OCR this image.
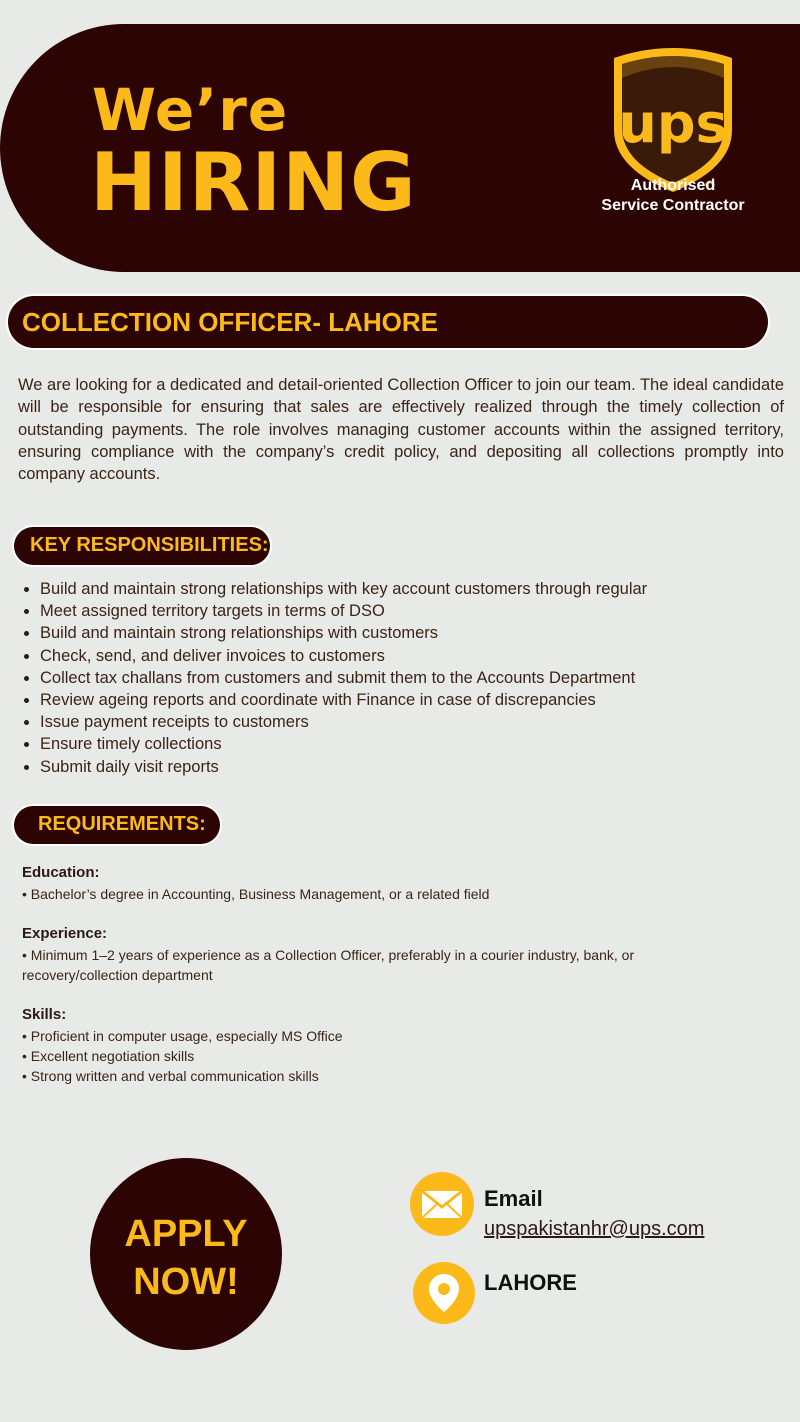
We’re
HIRING
ups
Authorised
Service Contractor
COLLECTION OFFICER- LAHORE
We are looking for a dedicated and detail-oriented Collection Officer to join our team. The ideal candidate will be responsible for ensuring that sales are effectively realized through the timely collection of outstanding payments. The role involves managing customer accounts within the assigned territory, ensuring compliance with the company’s credit policy, and depositing all collections promptly into company accounts.
KEY RESPONSIBILITIES:
Build and maintain strong relationships with key account customers through regular
Meet assigned territory targets in terms of DSO
Build and maintain strong relationships with customers
Check, send, and deliver invoices to customers
Collect tax challans from customers and submit them to the Accounts Department
Review ageing reports and coordinate with Finance in case of discrepancies
Issue payment receipts to customers
Ensure timely collections
Submit daily visit reports
REQUIREMENTS:
Education:
• Bachelor’s degree in Accounting, Business Management, or a related field
Experience:
• Minimum 1–2 years of experience as a Collection Officer, preferably in a courier industry, bank, or recovery/collection department
Skills:
• Proficient in computer usage, especially MS Office
• Excellent negotiation skills
• Strong written and verbal communication skills
APPLY
NOW!
Email
upspakistanhr@ups.com
LAHORE
